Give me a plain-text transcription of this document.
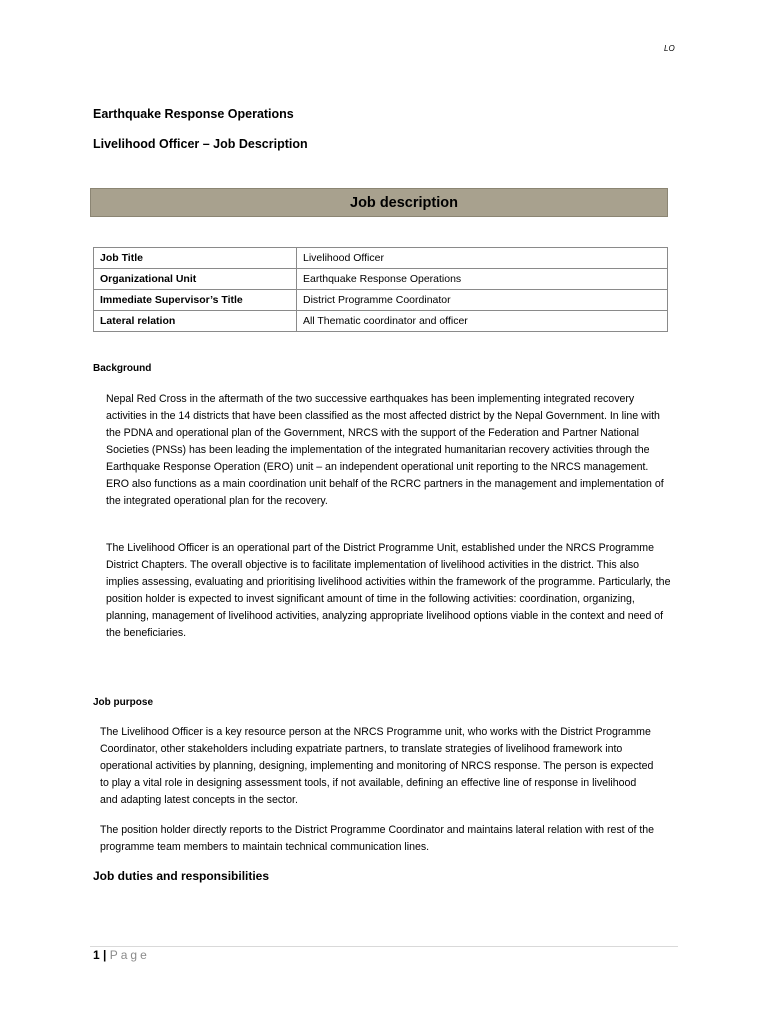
LO
Earthquake Response Operations
Livelihood Officer – Job Description
Job description
Job Title	Livelihood Officer
Organizational Unit	Earthquake Response Operations
Immediate Supervisor’s Title	District Programme Coordinator
Lateral relation	All Thematic coordinator and officer
Background
Nepal Red Cross in the aftermath of the two successive earthquakes has been implementing integrated recovery activities in the 14 districts that have been classified as the most affected district by the Nepal Government. In line with the PDNA and operational plan of the Government, NRCS with the support of the Federation and Partner National Societies (PNSs) has been leading the implementation of the integrated humanitarian recovery activities through the Earthquake Response Operation (ERO) unit – an independent operational unit reporting to the NRCS management. ERO also functions as a main coordination unit behalf of the RCRC partners in the management and implementation of the integrated operational plan for the recovery.
The Livelihood Officer is an operational part of the District Programme Unit, established under the NRCS Programme District Chapters. The overall objective is to facilitate implementation of livelihood activities in the district. This also implies assessing, evaluating and prioritising livelihood activities within the framework of the programme. Particularly, the position holder is expected to invest significant amount of time in the following activities: coordination, organizing, planning, management of livelihood activities, analyzing appropriate livelihood options viable in the context and need of the beneficiaries.
Job purpose
The Livelihood Officer is a key resource person at the NRCS Programme unit, who works with the District Programme Coordinator, other stakeholders including expatriate partners, to translate strategies of livelihood framework into operational activities by planning, designing, implementing and monitoring of NRCS response. The person is expected to play a vital role in designing assessment tools, if not available, defining an effective line of response in livelihood and adapting latest concepts in the sector.
The position holder directly reports to the District Programme Coordinator and maintains lateral relation with rest of the programme team members to maintain technical communication lines.
Job duties and responsibilities
1 | Page
